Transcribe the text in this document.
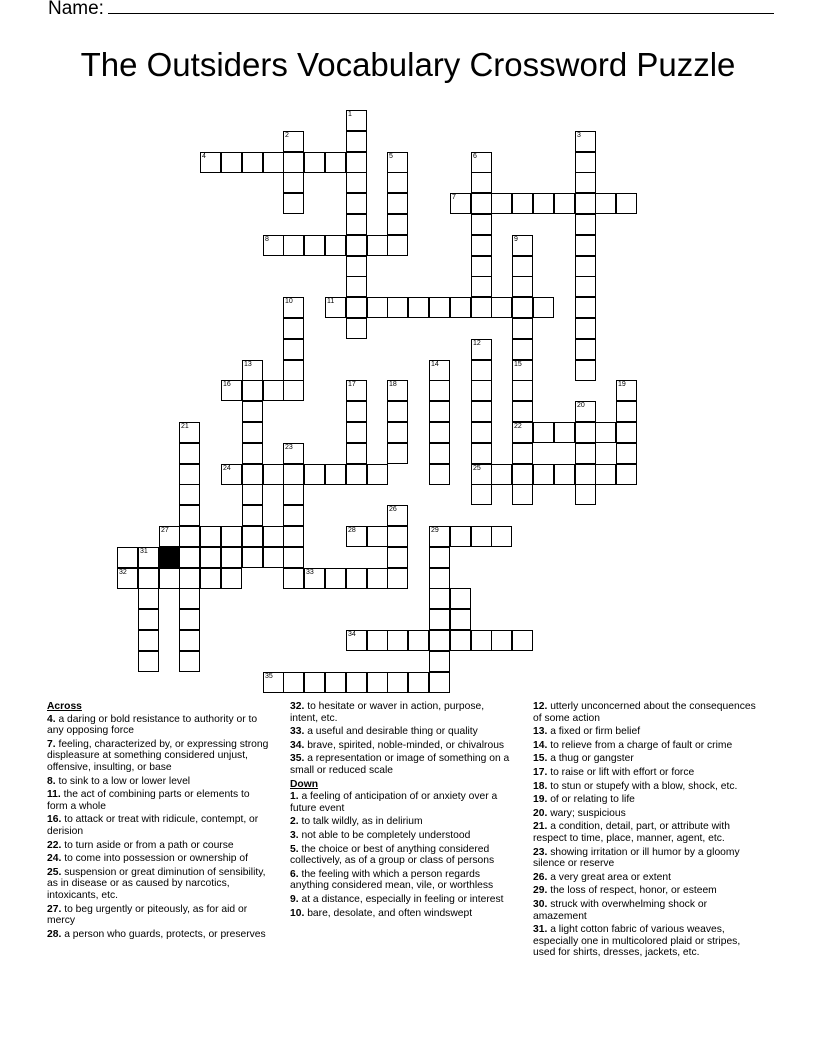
Name:
The Outsiders Vocabulary Crossword Puzzle
1
2	3
4	5	6
7
8	9
10	11
12
25
13	14	15
22
16	17	18	19
20
21
23
24
26
27	28	29
31
32	33
34
35
Across
4. a daring or bold resistance to authority or to any opposing force
7. feeling, characterized by, or expressing strong displeasure at something considered unjust, offensive, insulting, or base
8. to sink to a low or lower level
11. the act of combining parts or elements to form a whole
16. to attack or treat with ridicule, contempt, or derision
22. to turn aside or from a path or course
24. to come into possession or ownership of
25. suspension or great diminution of sensibility, as in disease or as caused by narcotics, intoxicants, etc.
27. to beg urgently or piteously, as for aid or mercy
28. a person who guards, protects, or preserves
32. to hesitate or waver in action, purpose, intent, etc.
33. a useful and desirable thing or quality
34. brave, spirited, noble-minded, or chivalrous
35. a representation or image of something on a small or reduced scale
Down
1. a feeling of anticipation of or anxiety over a future event
2. to talk wildly, as in delirium
3. not able to be completely understood
5. the choice or best of anything considered collectively, as of a group or class of persons
6. the feeling with which a person regards anything considered mean, vile, or worthless
9. at a distance, especially in feeling or interest
10. bare, desolate, and often windswept
12. utterly unconcerned about the consequences of some action
13. a fixed or firm belief
14. to relieve from a charge of fault or crime
15. a thug or gangster
17. to raise or lift with effort or force
18. to stun or stupefy with a blow, shock, etc.
19. of or relating to life
20. wary; suspicious
21. a condition, detail, part, or attribute with respect to time, place, manner, agent, etc.
23. showing irritation or ill humor by a gloomy silence or reserve
26. a very great area or extent
29. the loss of respect, honor, or esteem
30. struck with overwhelming shock or amazement
31. a light cotton fabric of various weaves, especially one in multicolored plaid or stripes, used for shirts, dresses, jackets, etc.
